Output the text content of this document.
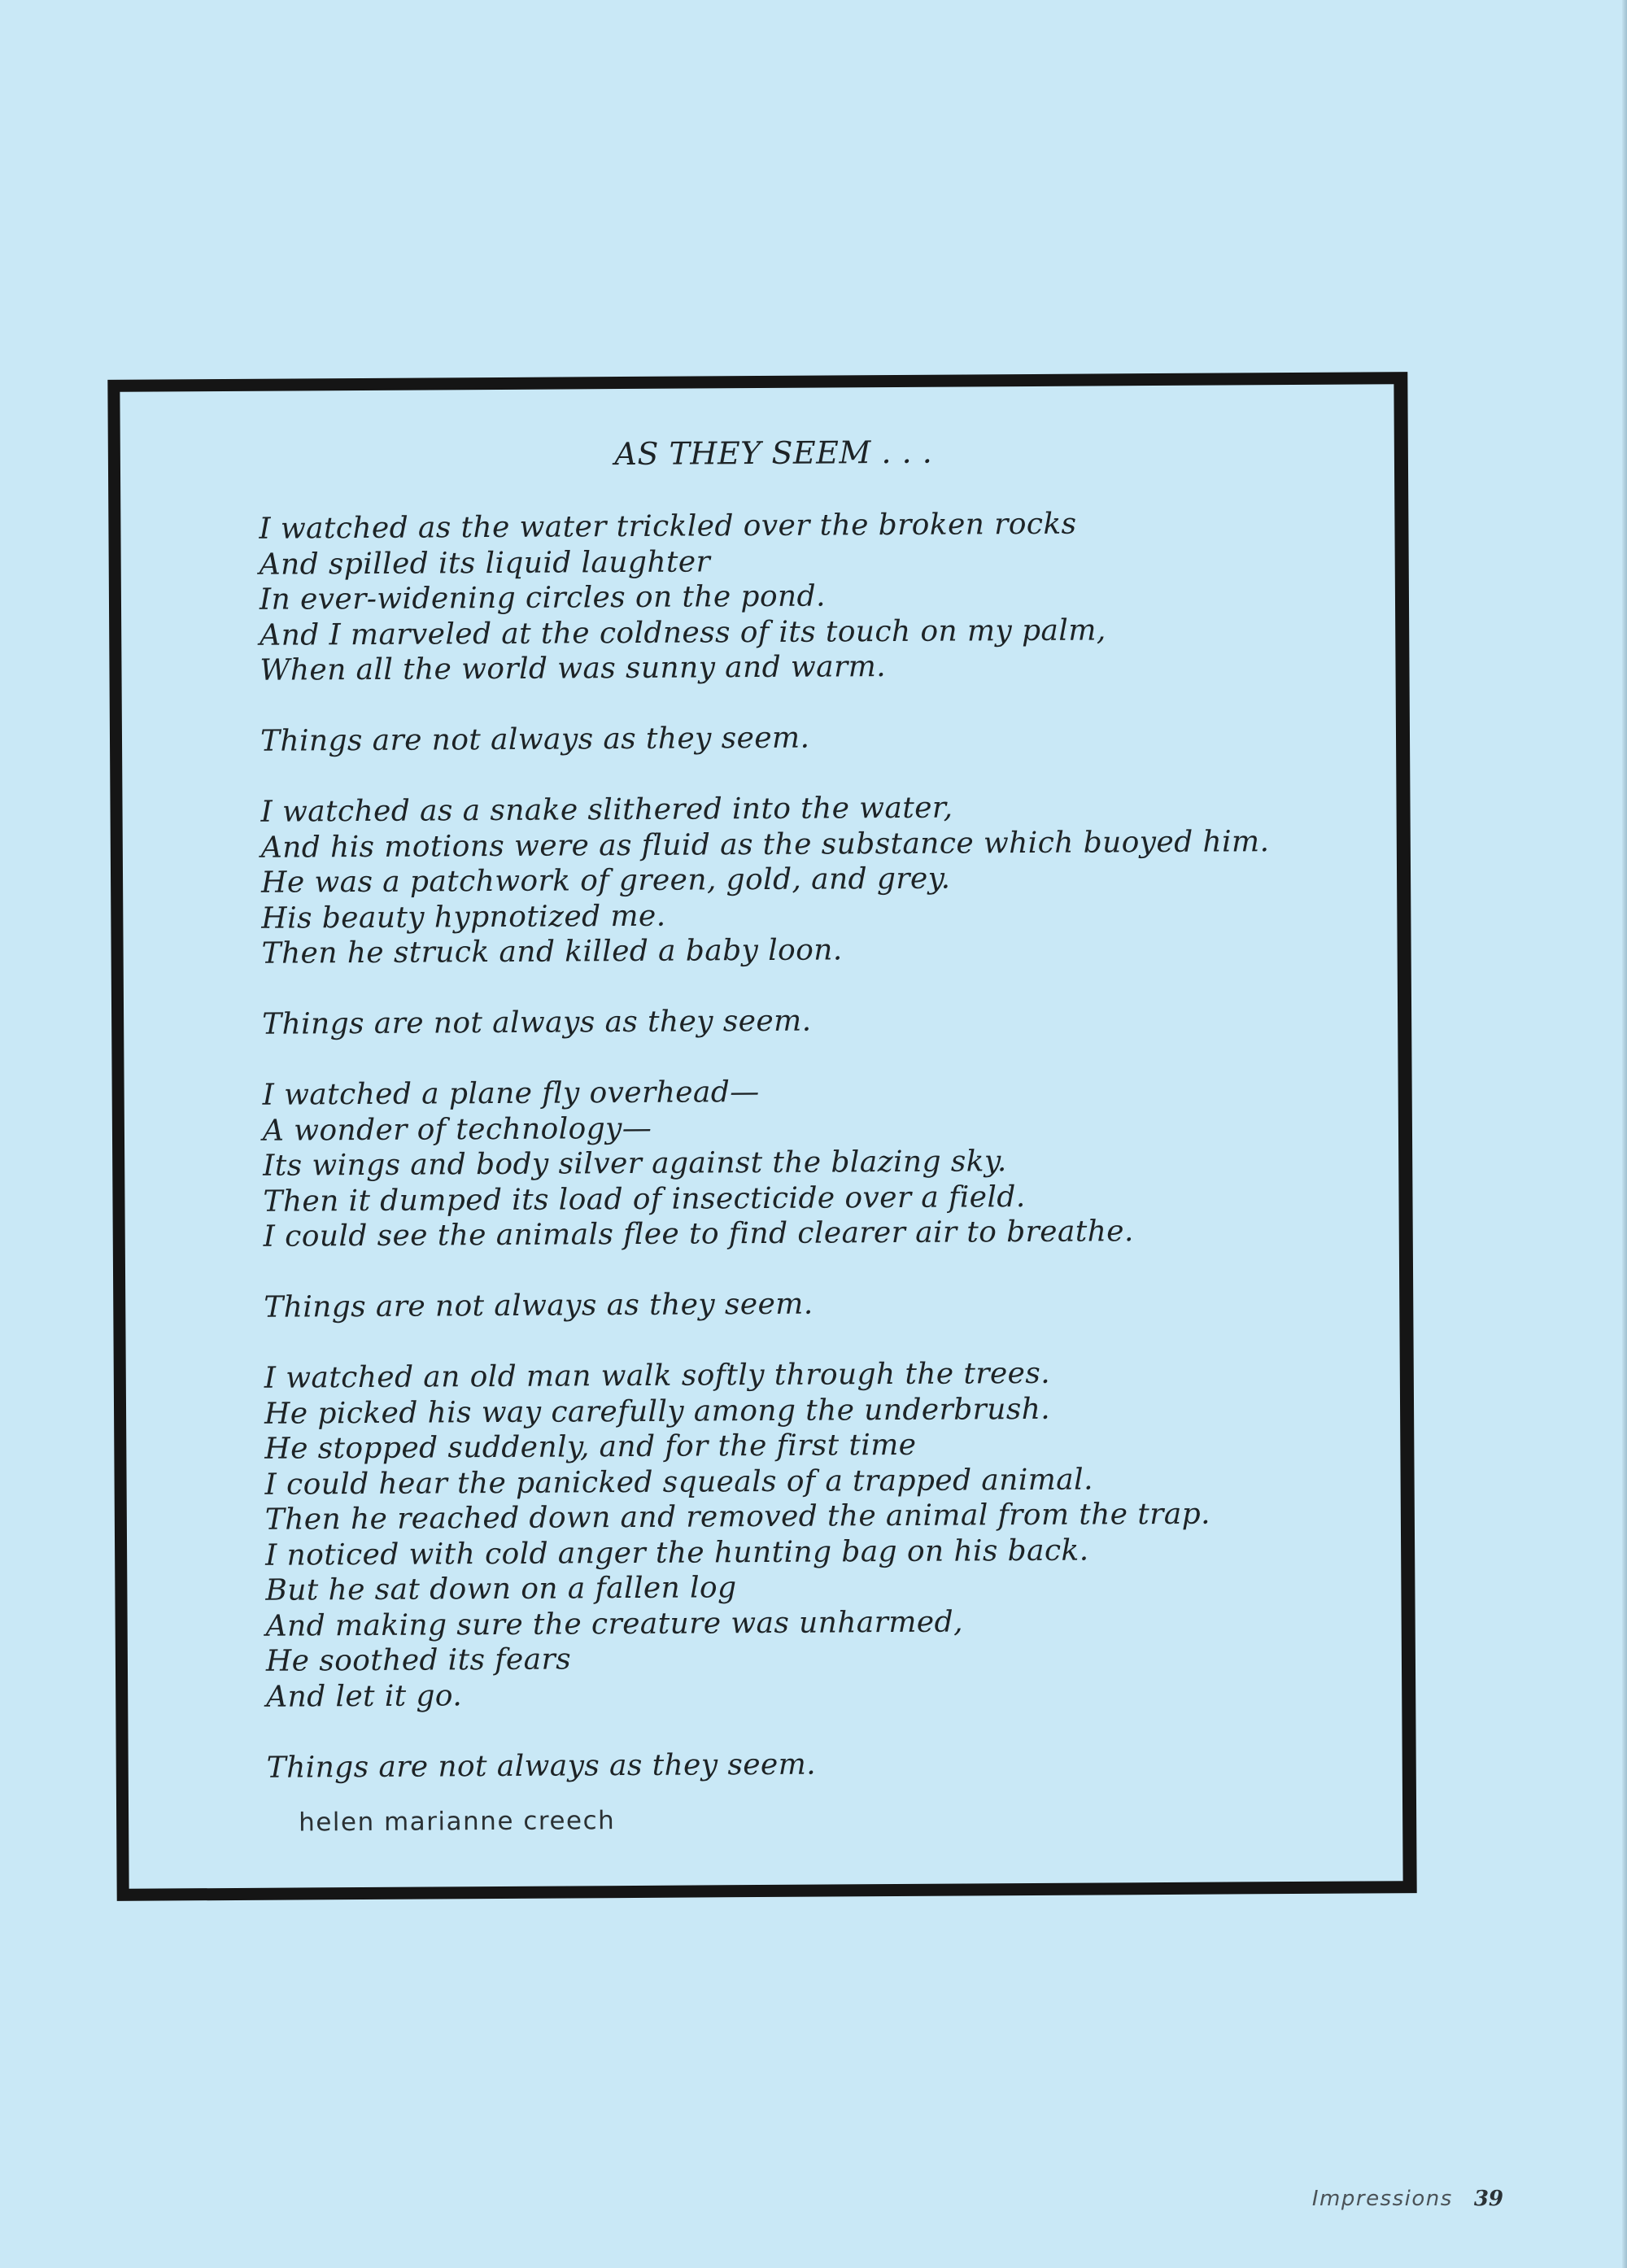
AS THEY SEEM . . .
I watched as the water trickled over the broken rocks
And spilled its liquid laughter
In ever-widening circles on the pond.
And I marveled at the coldness of its touch on my palm,
When all the world was sunny and warm.
Things are not always as they seem.
I watched as a snake slithered into the water,
And his motions were as fluid as the substance which buoyed him.
He was a patchwork of green, gold, and grey.
His beauty hypnotized me.
Then he struck and killed a baby loon.
Things are not always as they seem.
I watched a plane fly overhead—
A wonder of technology—
Its wings and body silver against the blazing sky.
Then it dumped its load of insecticide over a field.
I could see the animals flee to find clearer air to breathe.
Things are not always as they seem.
I watched an old man walk softly through the trees.
He picked his way carefully among the underbrush.
He stopped suddenly, and for the first time
I could hear the panicked squeals of a trapped animal.
Then he reached down and removed the animal from the trap.
I noticed with cold anger the hunting bag on his back.
But he sat down on a fallen log
And making sure the creature was unharmed,
He soothed its fears
And let it go.
Things are not always as they seem.
helen marianne creech
Impressions 39
